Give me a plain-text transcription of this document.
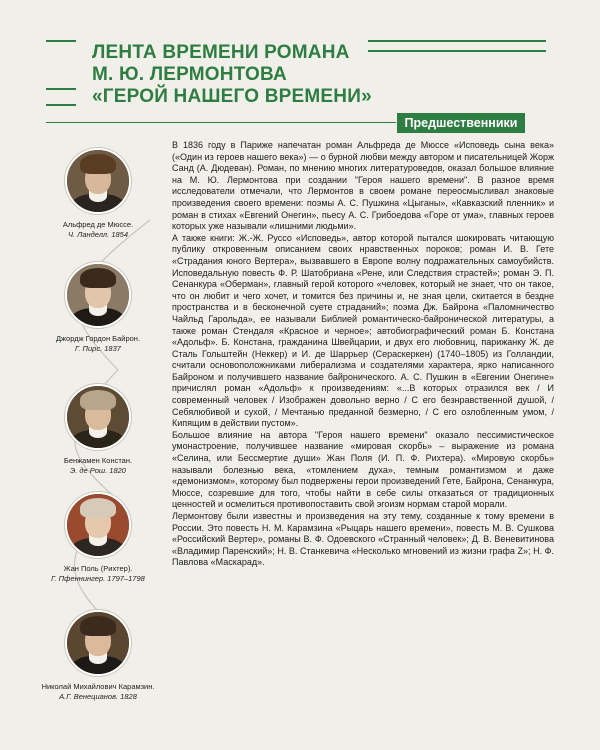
ЛЕНТА ВРЕМЕНИ РОМАНА
М. Ю. ЛЕРМОНТОВА
«ГЕРОЙ НАШЕГО ВРЕМЕНИ»
Предшественники
Альфред де Мюссе.
Ч. Ланделл. 1854
Джордж Гордон Байрон.
Г. Пирс. 1837
Бенжамен Констан.
Э. де Рош. 1820
Жан Поль (Рихтер).
Г. Пфеннингер. 1797–1798
Николай Михайлович Карамзин.
А.Г. Венецианов. 1828

В 1836 году в Париже напечатан роман Альфреда де Мюссе «Исповедь сына века» («Один из героев нашего века») — о бурной любви между автором и писательницей Жорж Санд (А. Дюдеван). Роман, по мнению многих литературоведов, оказал большое влияние на М. Ю. Лермонтова при создании "Героя нашего времени". В разное время исследователи отмечали, что Лермонтов в своем романе переосмысливал знаковые произведения своего времени: поэмы А. С. Пушкина «Цыганы», «Кавказский пленник» и роман в стихах «Евгений Онегин», пьесу А. С. Грибоедова «Горе от ума», главных героев которых уже называли «лишними людьми».

А также книги: Ж.-Ж. Руссо «Исповедь», автор которой пытался шокировать читающую публику откровенным описанием своих нравственных пороков; роман И. В. Гете «Страдания юного Вертера», вызвавшего в Европе волну подражательных самоубийств. Исповедальную повесть Ф. Р. Шатобриана «Рене, или Следствия страстей»; роман Э. П. Сенанкура «Оберман», главный герой которого «человек, который не знает, что он такое, что он любит и чего хочет, и томится без причины и, не зная цели, скитается в бездне пространства и в бесконечной суете страданий»; поэма Дж. Байрона «Паломничество Чайльд Гарольда», ее называли Библией романтическо-байронической литературы, а также роман Стендаля «Красное и черное»; автобиографический роман Б. Констана «Адольф». Б. Констана, гражданина Швейцарии, и двух его любовниц, парижанку Ж. де Сталь Гольштейн (Неккер) и И. де Шаррьер (Сераскеркен) (1740–1805) из Голландии, считали основоположниками либерализма и создателями характера, ярко написанного Байроном и получившего название байронического. А. С. Пушкин в «Евгении Онегине» причислял роман «Адольф» к произведениям: «...В которых отразился век / И современный человек / Изображен довольно верно / С его безнравственной душой, / Себялюбивой и сухой, / Мечтанью преданной безмерно, / С его озлобленным умом, / Кипящим в действии пустом».

Большое влияние на автора "Героя нашего времени" оказало пессимистическое умонастроение, получившее название «мировая скорбь» – выражение из романа «Селина, или Бессмертие души» Жан Поля (И. П. Ф. Рихтера). «Мировую скорбь» называли болезнью века, «томлением духа», темным романтизмом и даже «демонизмом», которому был подвержены герои произведений Гете, Байрона, Сенанкура, Мюссе, созревшие для того, чтобы найти в себе силы отказаться от традиционных ценностей и осмелиться противопоставить свой эгоизм нормам старой морали.

Лермонтову были известны и произведения на эту тему, созданные к тому времени в России. Это повесть Н. М. Карамзина «Рыцарь нашего времени», повесть М. В. Сушкова «Российский Вертер», романы В. Ф. Одоевского «Странный человек»; Д. В. Веневитинова «Владимир Паренский»; Н. В. Станкевича «Несколько мгновений из жизни графа Z»; Н. Ф. Павлова «Маскарад».
